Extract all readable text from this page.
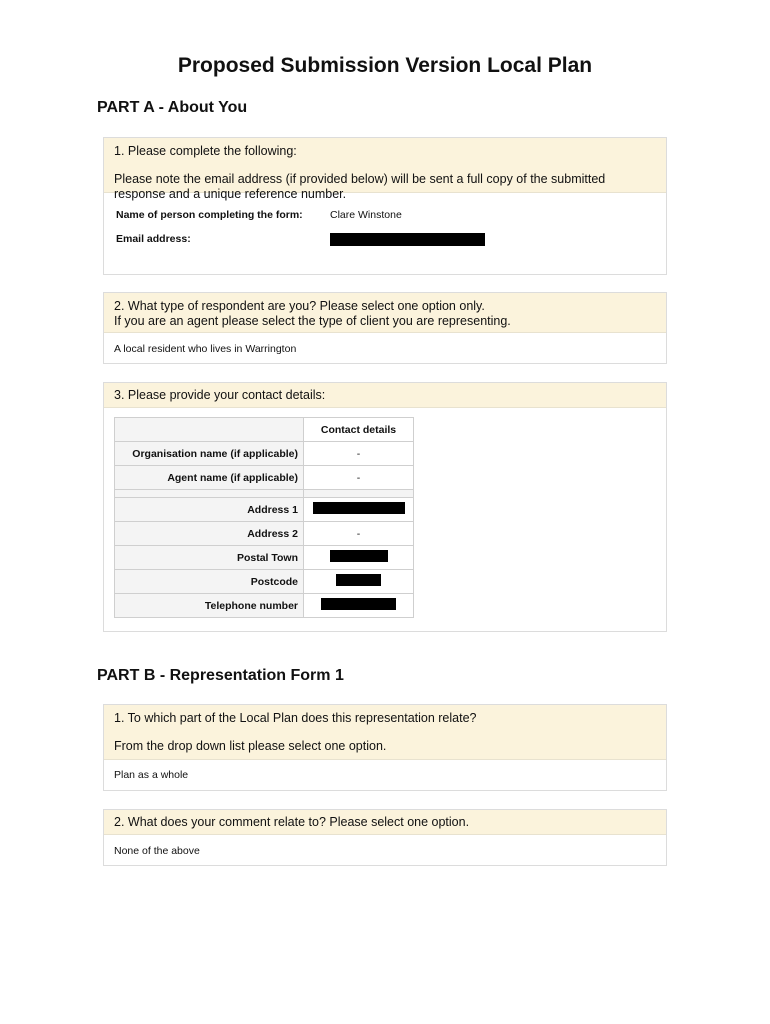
Proposed Submission Version Local Plan
PART A - About You

1. Please complete the following:

Please note the email address (if provided below) will be sent a full copy of the submitted response and a unique reference number.

Name of person completing the form:	Clare Winstone
Email address:

2. What type of respondent are you? Please select one option only.

If you are an agent please select the type of client you are representing.

A local resident who lives in Warrington

3. Please provide your contact details:

	Contact details
Organisation name (if applicable)	-
Agent name (if applicable)	-

Address 1	
Address 2	-
Postal Town	
Postcode	
Telephone number	
PART B - Representation Form 1

1. To which part of the Local Plan does this representation relate?

From the drop down list please select one option.

Plan as a whole

2. What does your comment relate to? Please select one option.

None of the above
